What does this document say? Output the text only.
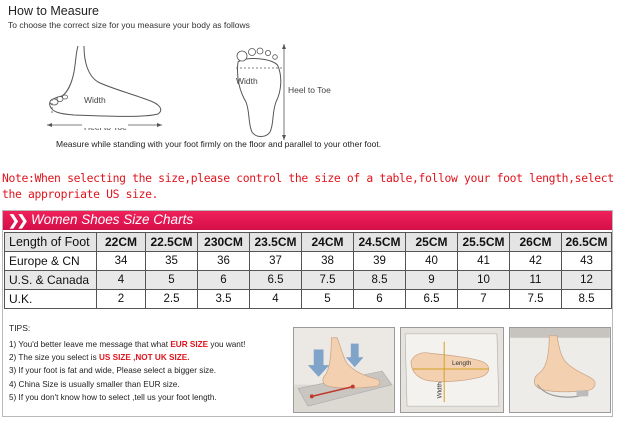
How to Measure
To choose the correct size for you measure your body as follows
Width
Width
Heel to Toe
Measure while standing with your foot firmly on the floor and parallel to your other foot.
Note:When selecting the size,please control the size of a table,follow your foot length,select the appropriate US size.
❯❯ Women Shoes Size Charts
Length of Foot	22CM	22.5CM	230CM	23.5CM	24CM	24.5CM	25CM	25.5CM	26CM	26.5CM
Europe & CN	34	35	36	37	38	39	40	41	42	43
U.S. & Canada	4	5	6	6.5	7.5	8.5	9	10	11	12
U.K.	2	2.5	3.5	4	5	6	6.5	7	7.5	8.5
TIPS:
1) You'd better leave me message that what EUR SIZE you want!
2) The size you select is US SIZE ,NOT UK SIZE.
3) If your foot is fat and wide, Please select a bigger size.
4) China Size is usually smaller than EUR size.
5) If you don't know how to select ,tell us your foot length.
Length
Width
